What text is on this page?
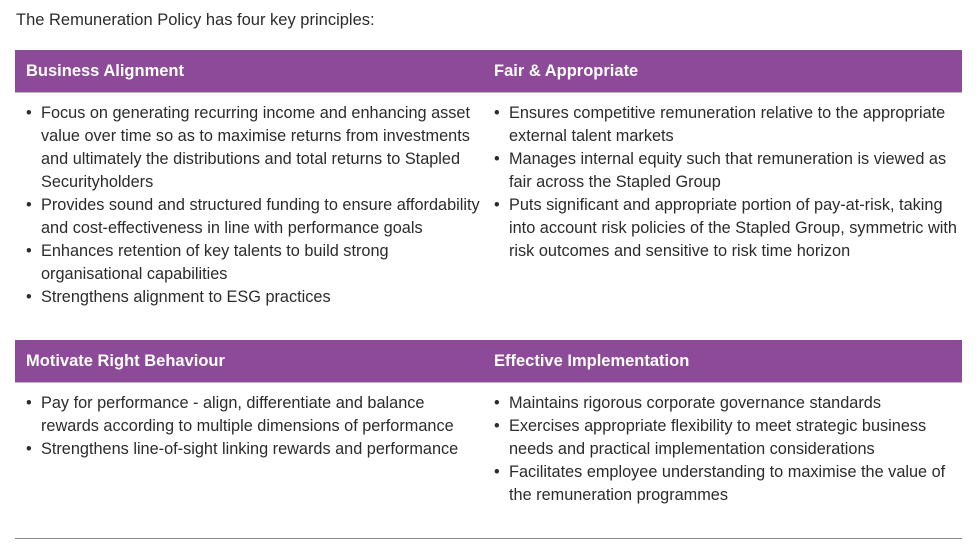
The Remuneration Policy has four key principles:
Business Alignment	Fair & Appropriate
• Focus on generating recurring income and enhancing asset value over time so as to maximise returns from investments and ultimately the distributions and total returns to Stapled Securityholders
• Provides sound and structured funding to ensure affordability and cost-effectiveness in line with performance goals
• Enhances retention of key talents to build strong organisational capabilities
• Strengthens alignment to ESG practices
• Ensures competitive remuneration relative to the appropriate external talent markets
• Manages internal equity such that remuneration is viewed as fair across the Stapled Group
• Puts significant and appropriate portion of pay-at-risk, taking into account risk policies of the Stapled Group, symmetric with risk outcomes and sensitive to risk time horizon
Motivate Right Behaviour	Effective Implementation
• Pay for performance - align, differentiate and balance rewards according to multiple dimensions of performance
• Strengthens line-of-sight linking rewards and performance
• Maintains rigorous corporate governance standards
• Exercises appropriate flexibility to meet strategic business needs and practical implementation considerations
• Facilitates employee understanding to maximise the value of the remuneration programmes
